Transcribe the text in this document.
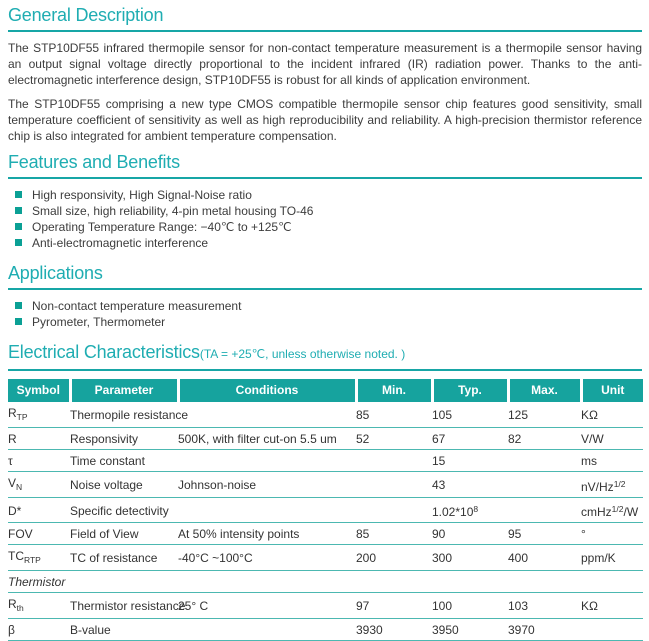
General Description

The STP10DF55 infrared thermopile sensor for non-contact temperature measurement is a thermopile sensor having an output signal voltage directly proportional to the incident infrared (IR) radiation power. Thanks to the anti-electromagnetic interference design, STP10DF55 is robust for all kinds of application environment.

The STP10DF55 comprising a new type CMOS compatible thermopile sensor chip features good sensitivity, small temperature coefficient of sensitivity as well as high reproducibility and reliability. A high-precision thermistor reference chip is also integrated for ambient temperature compensation.

Features and Benefits
High responsivity, High Signal-Noise ratio
Small size, high reliability, 4-pin metal housing TO-46
Operating Temperature Range: −40℃ to +125℃
Anti-electromagnetic interference
Applications
Non-contact temperature measurement
Pyrometer, Thermometer
Electrical Characteristics(TA = +25℃, unless otherwise noted. )
Symbol	Parameter	Conditions	Min.	Typ.	Max.	Unit
$R_{TP}$	Thermopile resistance		85	105	125	KΩ
R	Responsivity	500K, with filter cut-on 5.5 um	52	67	82	V/W
τ	Time constant			15		ms
$V_N$	Noise voltage	Johnson-noise		43		$nV/Hz^{1/2}$
D*	Specific detectivity			$1.02*10^8$		cmHz$^{1/2}$/W
FOV	Field of View	At 50% intensity points	85	90	95	°
$TC_{RTP}$	TC of resistance	-40°C ~100°C	200	300	400	ppm/K
Thermistor						
$R_{th}$	Thermistor resistance	25° C	97	100	103	KΩ
β	B-value		3930	3950	3970	
